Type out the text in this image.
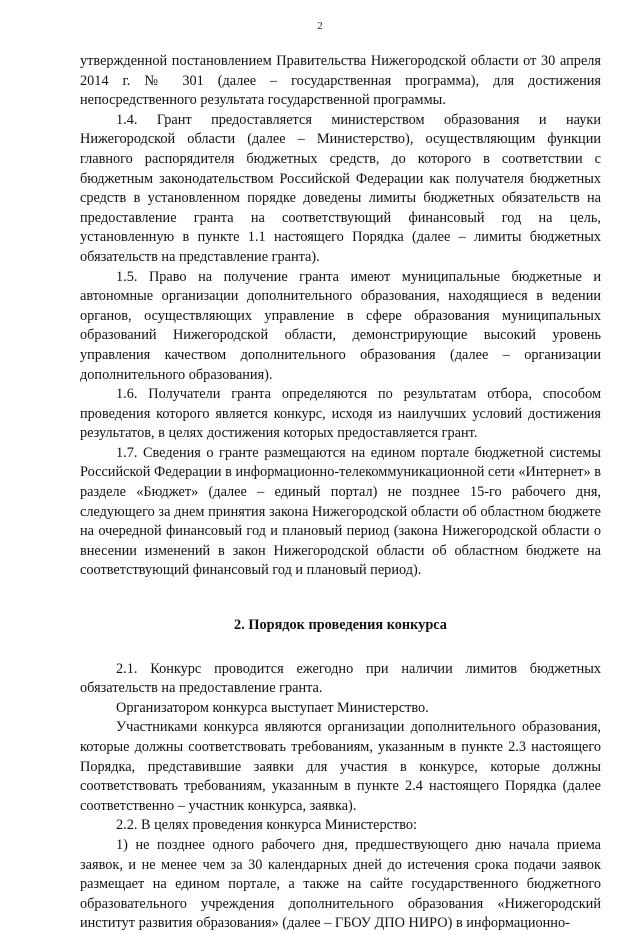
2

утвержденной постановлением Правительства Нижегородской области от 30 апреля 2014 г. № 301 (далее – государственная программа), для достижения непосредственного результата государственной программы.

1.4. Грант предоставляется министерством образования и науки Нижегородской области (далее – Министерство), осуществляющим функции главного распорядителя бюджетных средств, до которого в соответствии с бюджетным законодательством Российской Федерации как получателя бюджетных средств в установленном порядке доведены лимиты бюджетных обязательств на предоставление гранта на соответствующий финансовый год на цель, установленную в пункте 1.1 настоящего Порядка (далее – лимиты бюджетных обязательств на представление гранта).

1.5. Право на получение гранта имеют муниципальные бюджетные и автономные организации дополнительного образования, находящиеся в ведении органов, осуществляющих управление в сфере образования муниципальных образований Нижегородской области, демонстрирующие высокий уровень управления качеством дополнительного образования (далее – организации дополнительного образования).

1.6. Получатели гранта определяются по результатам отбора, способом проведения которого является конкурс, исходя из наилучших условий достижения результатов, в целях достижения которых предоставляется грант.

1.7. Сведения о гранте размещаются на едином портале бюджетной системы Российской Федерации в информационно-телекоммуникационной сети «Интернет» в разделе «Бюджет» (далее – единый портал) не позднее 15-го рабочего дня, следующего за днем принятия закона Нижегородской области об областном бюджете на очередной финансовый год и плановый период (закона Нижегородской области о внесении изменений в закон Нижегородской области об областном бюджете на соответствующий финансовый год и плановый период).

2. Порядок проведения конкурса

2.1. Конкурс проводится ежегодно при наличии лимитов бюджетных обязательств на предоставление гранта.

Организатором конкурса выступает Министерство.

Участниками конкурса являются организации дополнительного образования, которые должны соответствовать требованиям, указанным в пункте 2.3 настоящего Порядка, представившие заявки для участия в конкурсе, которые должны соответствовать требованиям, указанным в пункте 2.4 настоящего Порядка (далее соответственно – участник конкурса, заявка).

2.2. В целях проведения конкурса Министерство:

1) не позднее одного рабочего дня, предшествующего дню начала приема заявок, и не менее чем за 30 календарных дней до истечения срока подачи заявок размещает на едином портале, а также на сайте государственного бюджетного образовательного учреждения дополнительного образования «Нижегородский институт развития образования» (далее – ГБОУ ДПО НИРО) в информационно-
